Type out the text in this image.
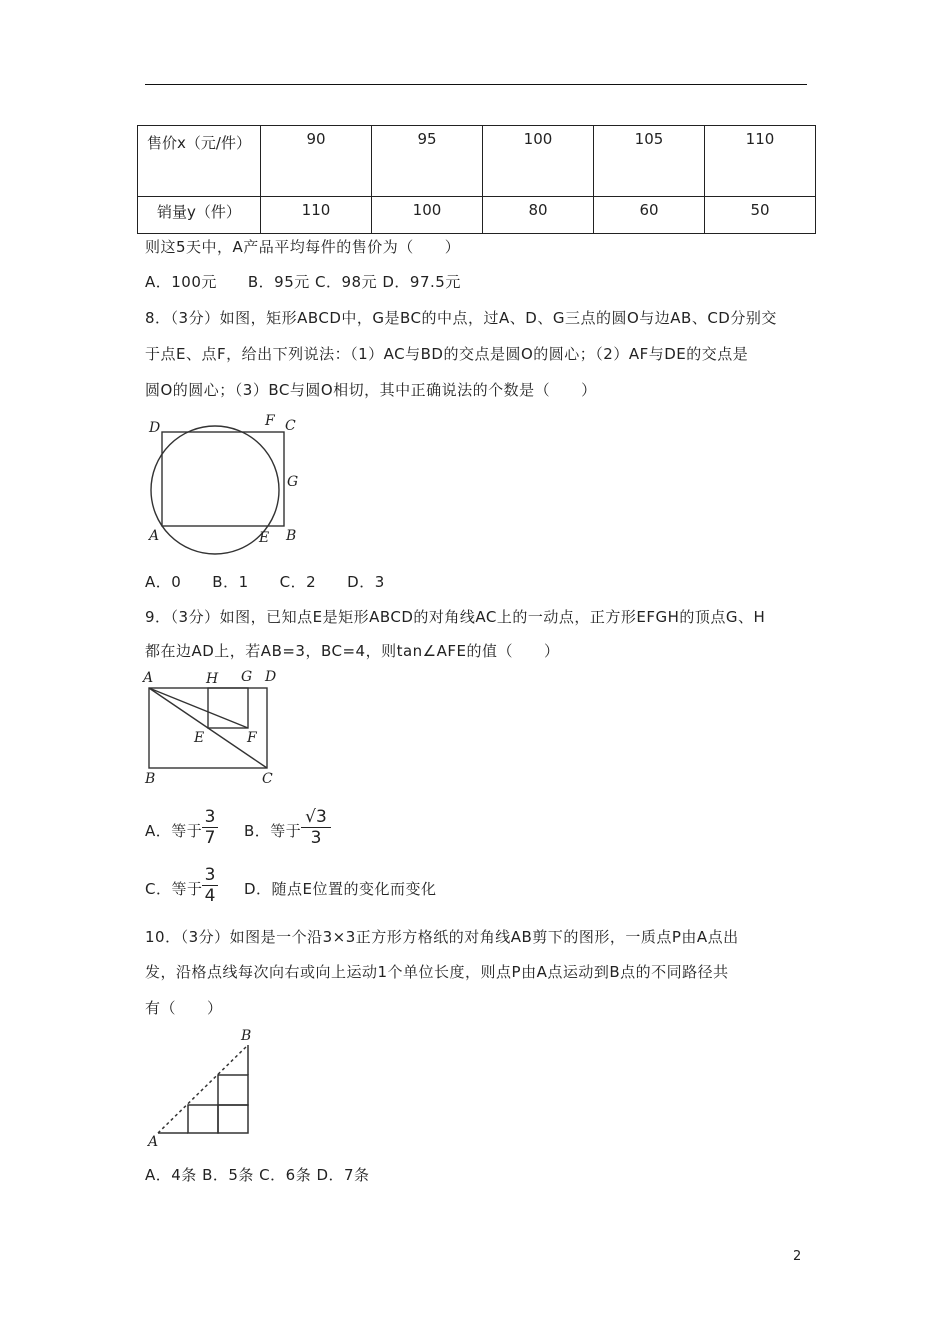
售价x（元/件）	90	95	100	105	110
销量y（件）	110	100	80	60	50
则这5天中，A产品平均每件的售价为（　　）
A．100元　　B．95元 C．98元 D．97.5元
8．（3分）如图，矩形ABCD中，G是BC的中点，过A、D、G三点的圆O与边AB、CD分别交
于点E、点F，给出下列说法：（1）AC与BD的交点是圆O的圆心；（2）AF与DE的交点是
圆O的圆心；（3）BC与圆O相切，其中正确说法的个数是（　　）
D	F C
G
A	E B
A．0　　B．1　　C．2　　D．3
9．（3分）如图，已知点E是矩形ABCD的对角线AC上的一动点，正方形EFGH的顶点G、H
都在边AD上，若AB=3，BC=4，则tan∠AFE的值（　　）
A	H G D
E	F
B	C
A．等于 $\frac{3}{7}$ B．等于 $\frac{√3}{3}$
C．等于 $\frac{3}{4}$ D．随点E位置的变化而变化
10．（3分）如图是一个沿3×3正方形方格纸的对角线AB剪下的图形，一质点P由A点出
发，沿格点线每次向右或向上运动1个单位长度，则点P由A点运动到B点的不同路径共
有（　　）
A
B
A．4条 B．5条 C．6条 D．7条
2
